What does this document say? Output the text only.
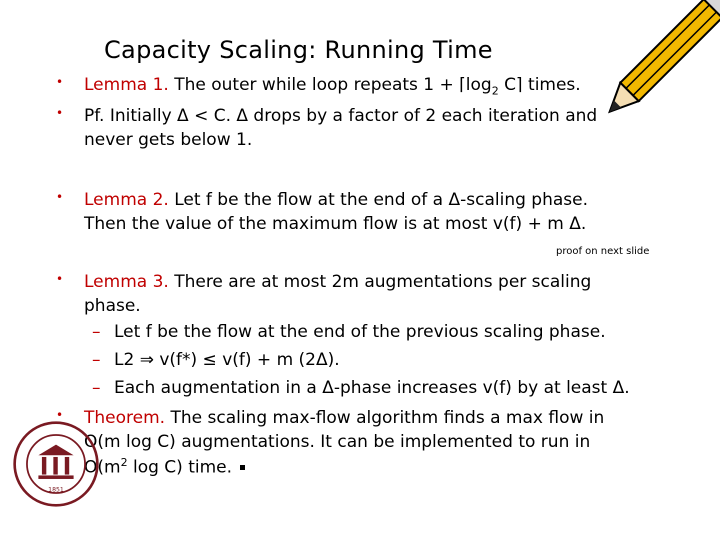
Capacity Scaling: Running Time
• Lemma 1. The outer while loop repeats $1 + ⌈\log_2$ C⌉ times.
• Pf. Initially Δ < C. Δ drops by a factor of 2 each iteration and
never gets below 1.
• Lemma 2. Let f be the flow at the end of a Δ-scaling phase.
Then the value of the maximum flow is at most v(f) + m Δ.
proof on next slide
• Lemma 3. There are at most 2m augmentations per scaling
phase.
– Let f be the flow at the end of the previous scaling phase.
– L2 ⇒ v(f*) ≤ v(f) + m (2Δ).
– Each augmentation in a Δ-phase increases v(f) by at least Δ.
• Theorem. The scaling max-flow algorithm finds a max flow in
O(m log C) augmentations. It can be implemented to run in
$O(m^2$ log C) time.
1851
